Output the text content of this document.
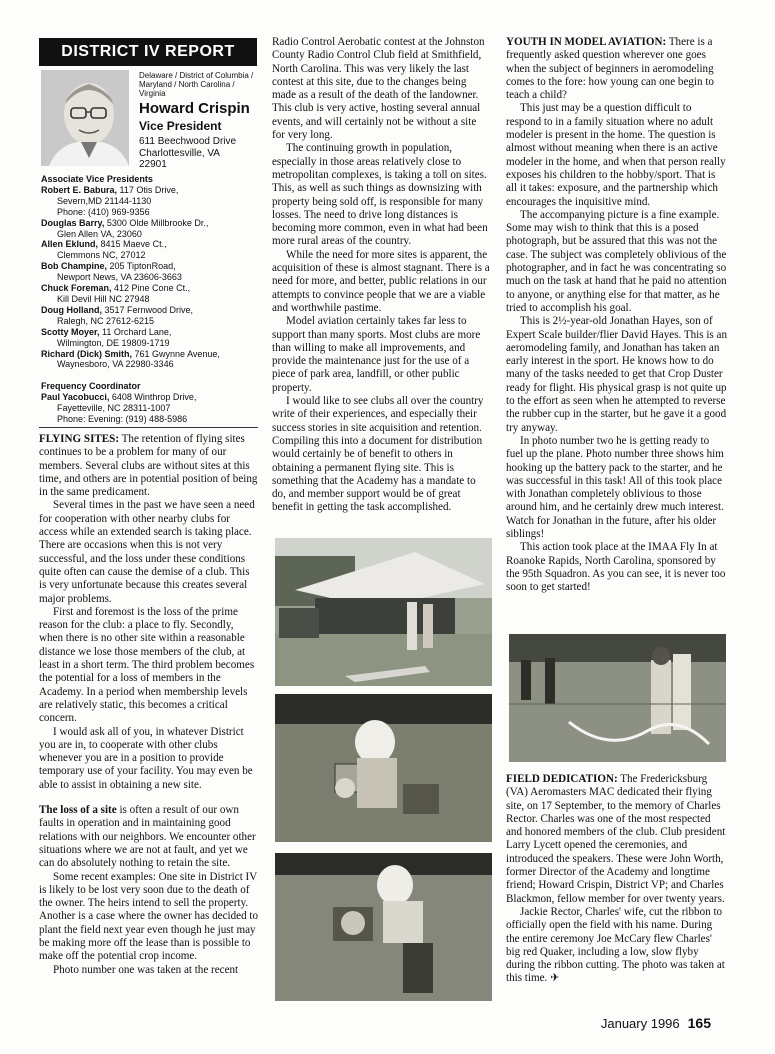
DISTRICT IV REPORT
Delaware / District of Columbia / Maryland / North Carolina / Virginia
Howard Crispin
Vice President
611 Beechwood Drive
Charlottesville, VA
22901
Associate Vice Presidents
Robert E. Babura, 117 Otis Drive,
Severn,MD 21144-1130
Phone: (410) 969-9356
Douglas Barry, 5300 Olde Millbrooke Dr.,
Glen Allen VA, 23060
Allen Eklund, 8415 Maeve Ct.,
Clemmons NC, 27012
Bob Champine, 205 TiptonRoad,
Newport News, VA 23606-3663
Chuck Foreman, 412 Pine Cone Ct.,
Kill Devil Hill NC 27948
Doug Holland, 3517 Fernwood Drive,
Ralegh, NC 27612-6215
Scotty Moyer, 11 Orchard Lane,
Wilmington, DE 19809-1719
Richard (Dick) Smith, 761 Gwynne Avenue,
Waynesboro, VA 22980-3346
Frequency Coordinator
Paul Yacobucci, 6408 Winthrop Drive,
Fayetteville, NC 28311-1007
Phone: Evening: (919) 488-5986

FLYING SITES: The retention of flying sites continues to be a problem for many of our members. Several clubs are without sites at this time, and others are in potential position of being in the same predicament.

Several times in the past we have seen a need for cooperation with other nearby clubs for access while an extended search is taking place. There are occasions when this is not very successful, and the loss under these conditions quite often can cause the demise of a club. This is very unfortunate because this creates several major problems.

First and foremost is the loss of the prime reason for the club: a place to fly. Secondly, when there is no other site within a reasonable distance we lose those members of the club, at least in a short term. The third problem becomes the potential for a loss of members in the Academy. In a period when membership levels are relatively static, this becomes a critical concern.

I would ask all of you, in whatever District you are in, to cooperate with other clubs whenever you are in a position to provide temporary use of your facility. You may even be able to assist in obtaining a new site.

The loss of a site is often a result of our own faults in operation and in maintaining good relations with our neighbors. We encounter other situations where we are not at fault, and yet we can do absolutely nothing to retain the site.

Some recent examples: One site in District IV is likely to be lost very soon due to the death of the owner. The heirs intend to sell the property. Another is a case where the owner has decided to plant the field next year even though he just may be making more off the lease than is possible to make off the potential crop income.

Photo number one was taken at the recent

Radio Control Aerobatic contest at the Johnston County Radio Control Club field at Smithfield, North Carolina. This was very likely the last contest at this site, due to the changes being made as a result of the death of the landowner. This club is very active, hosting several annual events, and will certainly not be without a site for very long.

The continuing growth in population, especially in those areas relatively close to metropolitan complexes, is taking a toll on sites. This, as well as such things as downsizing with property being sold off, is responsible for many losses. The need to drive long distances is becoming more common, even in what had been more rural areas of the country.

While the need for more sites is apparent, the acquisition of these is almost stagnant. There is a need for more, and better, public relations in our attempts to convince people that we are a viable and worthwhile pastime.

Model aviation certainly takes far less to support than many sports. Most clubs are more than willing to make all improvements, and provide the maintenance just for the use of a piece of park area, landfill, or other public property.

I would like to see clubs all over the country write of their experiences, and especially their success stories in site acquisition and retention. Compiling this into a document for distribution would certainly be of benefit to others in obtaining a permanent flying site. This is something that the Academy has a mandate to do, and member support would be of great benefit in getting the task accomplished.

YOUTH IN MODEL AVIATION: There is a frequently asked question wherever one goes when the subject of beginners in aeromodeling comes to the fore: how young can one begin to teach a child?

This just may be a question difficult to respond to in a family situation where no adult modeler is present in the home. The question is almost without meaning when there is an active modeler in the home, and when that person really exposes his children to the hobby/sport. That is all it takes: exposure, and the partnership which encourages the inquisitive mind.

The accompanying picture is a fine example. Some may wish to think that this is a posed photograph, but be assured that this was not the case. The subject was completely oblivious of the photographer, and in fact he was concentrating so much on the task at hand that he paid no attention to anyone, or anything else for that matter, as he tried to accomplish his goal.

This is 2½-year-old Jonathan Hayes, son of Expert Scale builder/flier David Hayes. This is an aeromodeling family, and Jonathan has taken an early interest in the sport. He knows how to do many of the tasks needed to get that Crop Duster ready for flight. His physical grasp is not quite up to the effort as seen when he attempted to reverse the rubber cup in the starter, but he gave it a good try anyway.

In photo number two he is getting ready to fuel up the plane. Photo number three shows him hooking up the battery pack to the starter, and he was successful in this task! All of this took place with Jonathan completely oblivious to those around him, and he certainly drew much interest. Watch for Jonathan in the future, after his older siblings!

This action took place at the IMAA Fly In at Roanoke Rapids, North Carolina, sponsored by the 95th Squadron. As you can see, it is never too soon to get started!

FIELD DEDICATION: The Fredericksburg (VA) Aeromasters MAC dedicated their flying site, on 17 September, to the memory of Charles Rector. Charles was one of the most respected and honored members of the club. Club president Larry Lycett opened the ceremonies, and introduced the speakers. These were John Worth, former Director of the Academy and longtime friend; Howard Crispin, District VP; and Charles Blackmon, fellow member for over twenty years.

Jackie Rector, Charles' wife, cut the ribbon to officially open the field with his name. During the entire ceremony Joe McCary flew Charles' big red Quaker, including a low, slow flyby during the ribbon cutting. The photo was taken at this time. ✈

January 1996 165
